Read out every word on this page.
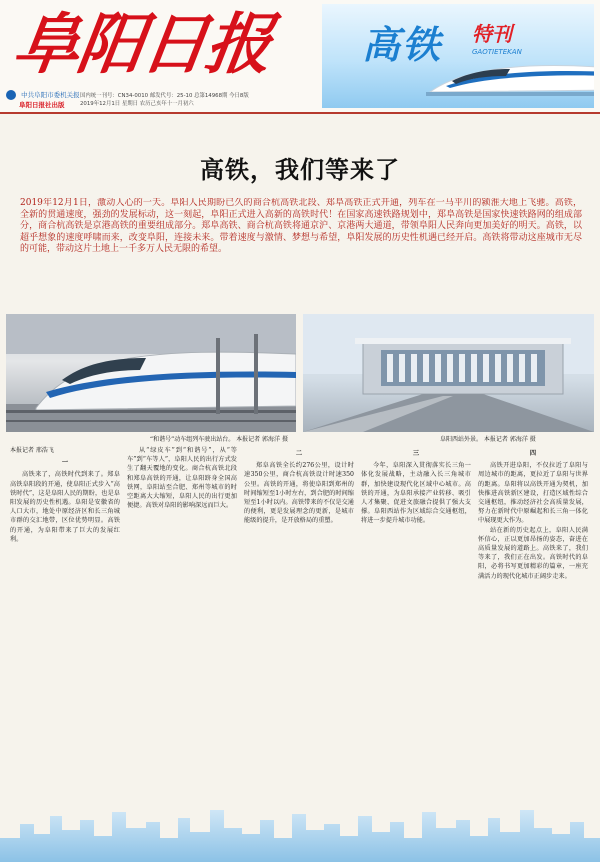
阜阳日报
中共阜阳市委机关报
阜阳日报社出版
国内统一刊号：CN34-0010 邮发代号：25-10 总第14968期 今日8版
2019年12月1日 星期日 农历己亥年十一月初六
高铁 特刊
GAOTIETEKAN
高铁，我们等来了
2019年12月1日，激动人心的一天。阜阳人民期盼已久的商合杭高铁北段、郑阜高铁正式开通，列车在一马平川的颍淮大地上飞驰。高铁，全新的贯通速度，强劲的发展标动，这一刻起，阜阳正式进入高新的高铁时代！在国家高速铁路规划中，郑阜高铁是国家快速铁路网的组成部分，商合杭高铁是京港高铁的重要组成部分。郑阜高铁、商合杭高铁将通京沪、京港两大通道，带领阜阳人民奔向更加美好的明天。高铁，以超乎想象的速度呼啸而来，改变阜阳，连接未来。带着速度与激情、梦想与希望，阜阳发展的历史性机遇已经开启。高铁将带动这座城市无尽的可能，带动这片土地上一千多万人民无限的希望。
“和谐号”动车组列车驶出站台。 本报记者 郭海洋 摄	阜阳西站外景。 本报记者 郭海洋 摄

本报记者 邢浩飞

一

高铁来了，高铁时代到来了。郑阜高铁阜阳段的开通，使阜阳正式步入“高铁时代”，这是阜阳人民的期盼，也是阜阳发展的历史性机遇。阜阳是安徽省的人口大市，地处中原经济区和长三角城市群的交汇地带，区位优势明显。高铁的开通，为阜阳带来了巨大的发展红利。

从“绿皮车”到“和谐号”，从“等车”到“车等人”，阜阳人民的出行方式发生了翻天覆地的变化。商合杭高铁北段和郑阜高铁的开通，让阜阳跻身全国高铁网，阜阳站至合肥、郑州等城市的时空距离大大缩短，阜阳人民的出行更加便捷。高铁对阜阳的影响深远而巨大。

二

郑阜高铁全长约276公里，设计时速350公里，商合杭高铁设计时速350公里。高铁的开通，将使阜阳到郑州的时间缩短至1小时左右，到合肥的时间缩短至1小时以内。高铁带来的不仅是交通的便利，更是发展理念的更新，是城市能级的提升，是开放格局的重塑。

三

今年，阜阳深入贯彻落实长三角一体化发展战略，主动融入长三角城市群，加快建设现代化区域中心城市。高铁的开通，为阜阳承接产业转移、吸引人才集聚、促进文旅融合提供了强大支撑。阜阳西站作为区域综合交通枢纽，将进一步提升城市功能。

四

高铁开进阜阳，不仅拉近了阜阳与周边城市的距离，更拉近了阜阳与世界的距离。阜阳将以高铁开通为契机，加快推进高铁新区建设，打造区域性综合交通枢纽，推动经济社会高质量发展，努力在新时代中原崛起和长三角一体化中展现更大作为。

站在新的历史起点上，阜阳人民满怀信心，正以更加昂扬的姿态，奋进在高质量发展的道路上。高铁来了，我们等来了，我们正在出发。高铁时代的阜阳，必将书写更加精彩的篇章，一座充满活力的现代化城市正阔步走来。
